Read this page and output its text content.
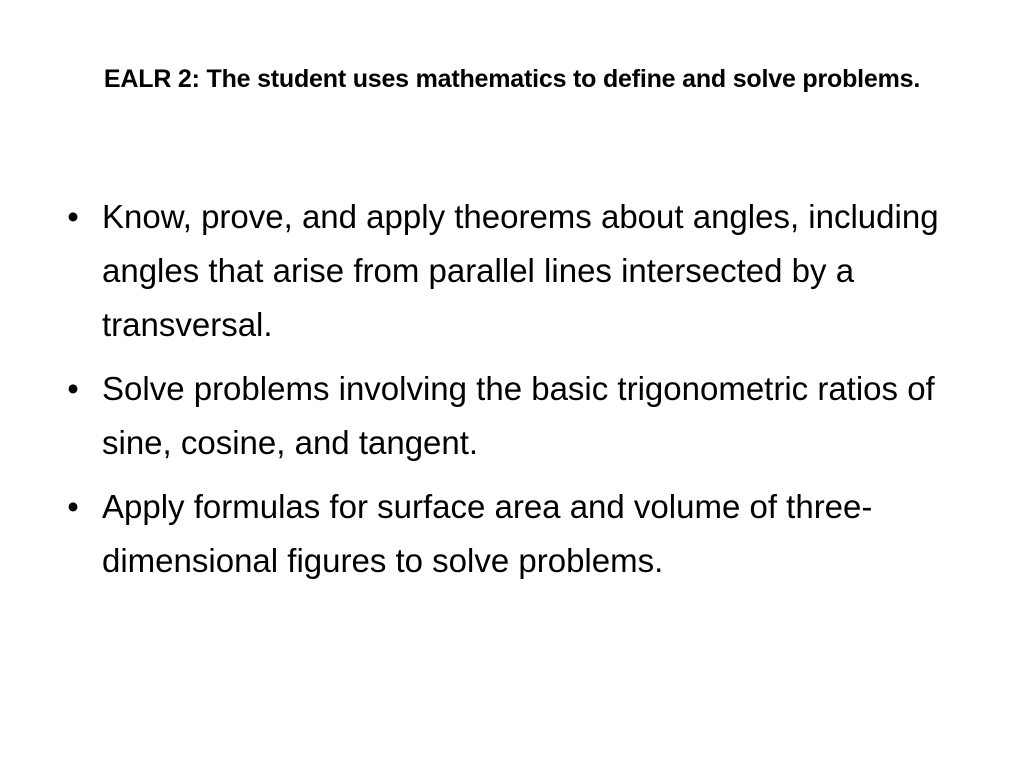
EALR 2: The student uses mathematics to define and solve problems.
• Know, prove, and apply theorems about angles, including angles that arise from parallel lines intersected by a transversal.
• Solve problems involving the basic trigonometric ratios of sine, cosine, and tangent.
• Apply formulas for surface area and volume of three-dimensional figures to solve problems.
